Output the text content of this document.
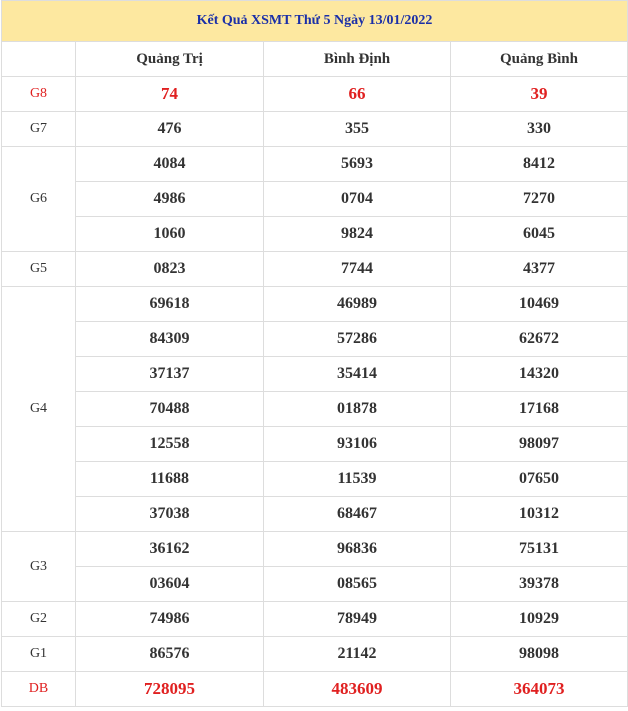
Kết Quả XSMT Thứ 5 Ngày 13/01/2022			
	Quảng Trị	Bình Định	Quảng Bình
G8	74	66	39
G7	476	355	330
G6	4084	5693	8412
	4986	0704	7270
	1060	9824	6045
G5	0823	7744	4377
G4	69618	46989	10469
	84309	57286	62672
	37137	35414	14320
	70488	01878	17168
	12558	93106	98097
	11688	11539	07650
	37038	68467	10312
G3	36162	96836	75131
	03604	08565	39378
G2	74986	78949	10929
G1	86576	21142	98098
DB	728095	483609	364073
